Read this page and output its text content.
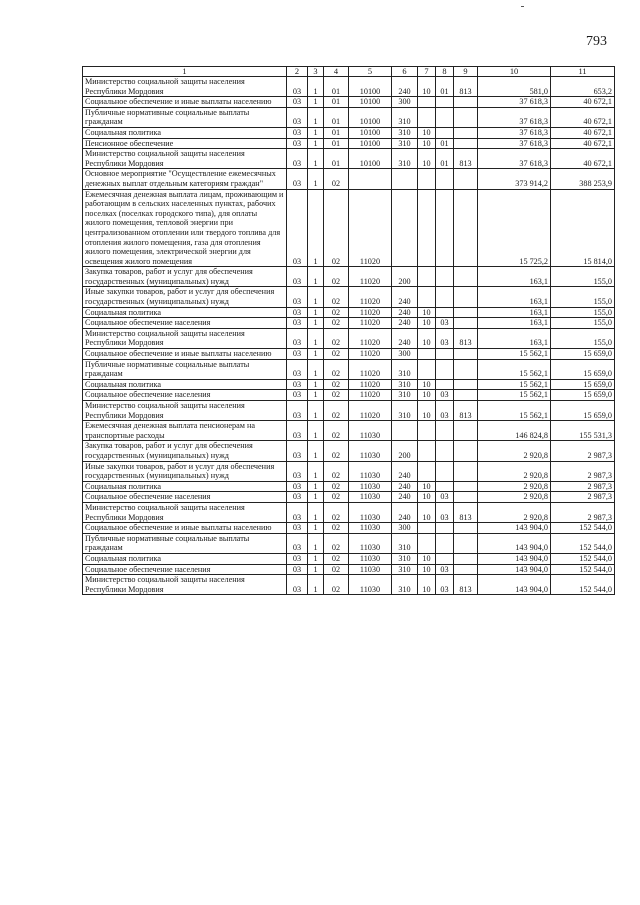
793
1	2	3	4	5	6	7	8	9	10	11
Министерство социальной защиты населения Республики Мордовия	03	1	01	10100	240	10	01	813	581,0	653,2
Социальное обеспечение и иные выплаты населению	03	1	01	10100	300				37 618,3	40 672,1
Публичные нормативные социальные выплаты гражданам	03	1	01	10100	310				37 618,3	40 672,1
Социальная политика	03	1	01	10100	310	10			37 618,3	40 672,1
Пенсионное обеспечение	03	1	01	10100	310	10	01		37 618,3	40 672,1
Министерство социальной защиты населения Республики Мордовия	03	1	01	10100	310	10	01	813	37 618,3	40 672,1
Основное мероприятие "Осуществление ежемесячных денежных выплат отдельным категориям граждан"	03	1	02						373 914,2	388 253,9
Ежемесячная денежная выплата лицам, проживающим и работающим в сельских населенных пунктах, рабочих поселках (поселках городского типа), для оплаты жилого помещения, тепловой энергии при централизованном отоплении или твердого топлива для отопления жилого помещения, газа для отопления жилого помещения, электрической энергии для освещения жилого помещения	03	1	02	11020					15 725,2	15 814,0
Закупка товаров, работ и услуг для обеспечения государственных (муниципальных) нужд	03	1	02	11020	200				163,1	155,0
Иные закупки товаров, работ и услуг для обеспечения государственных (муниципальных) нужд	03	1	02	11020	240				163,1	155,0
Социальная политика	03	1	02	11020	240	10			163,1	155,0
Социальное обеспечение населения	03	1	02	11020	240	10	03		163,1	155,0
Министерство социальной защиты населения Республики Мордовия	03	1	02	11020	240	10	03	813	163,1	155,0
Социальное обеспечение и иные выплаты населению	03	1	02	11020	300				15 562,1	15 659,0
Публичные нормативные социальные выплаты гражданам	03	1	02	11020	310				15 562,1	15 659,0
Социальная политика	03	1	02	11020	310	10			15 562,1	15 659,0
Социальное обеспечение населения	03	1	02	11020	310	10	03		15 562,1	15 659,0
Министерство социальной защиты населения Республики Мордовия	03	1	02	11020	310	10	03	813	15 562,1	15 659,0
Ежемесячная денежная выплата пенсионерам на транспортные расходы	03	1	02	11030					146 824,8	155 531,3
Закупка товаров, работ и услуг для обеспечения государственных (муниципальных) нужд	03	1	02	11030	200				2 920,8	2 987,3
Иные закупки товаров, работ и услуг для обеспечения государственных (муниципальных) нужд	03	1	02	11030	240				2 920,8	2 987,3
Социальная политика	03	1	02	11030	240	10			2 920,8	2 987,3
Социальное обеспечение населения	03	1	02	11030	240	10	03		2 920,8	2 987,3
Министерство социальной защиты населения Республики Мордовия	03	1	02	11030	240	10	03	813	2 920,8	2 987,3
Социальное обеспечение и иные выплаты населению	03	1	02	11030	300				143 904,0	152 544,0
Публичные нормативные социальные выплаты гражданам	03	1	02	11030	310				143 904,0	152 544,0
Социальная политика	03	1	02	11030	310	10			143 904,0	152 544,0
Социальное обеспечение населения	03	1	02	11030	310	10	03		143 904,0	152 544,0
Министерство социальной защиты населения Республики Мордовия	03	1	02	11030	310	10	03	813	143 904,0	152 544,0
